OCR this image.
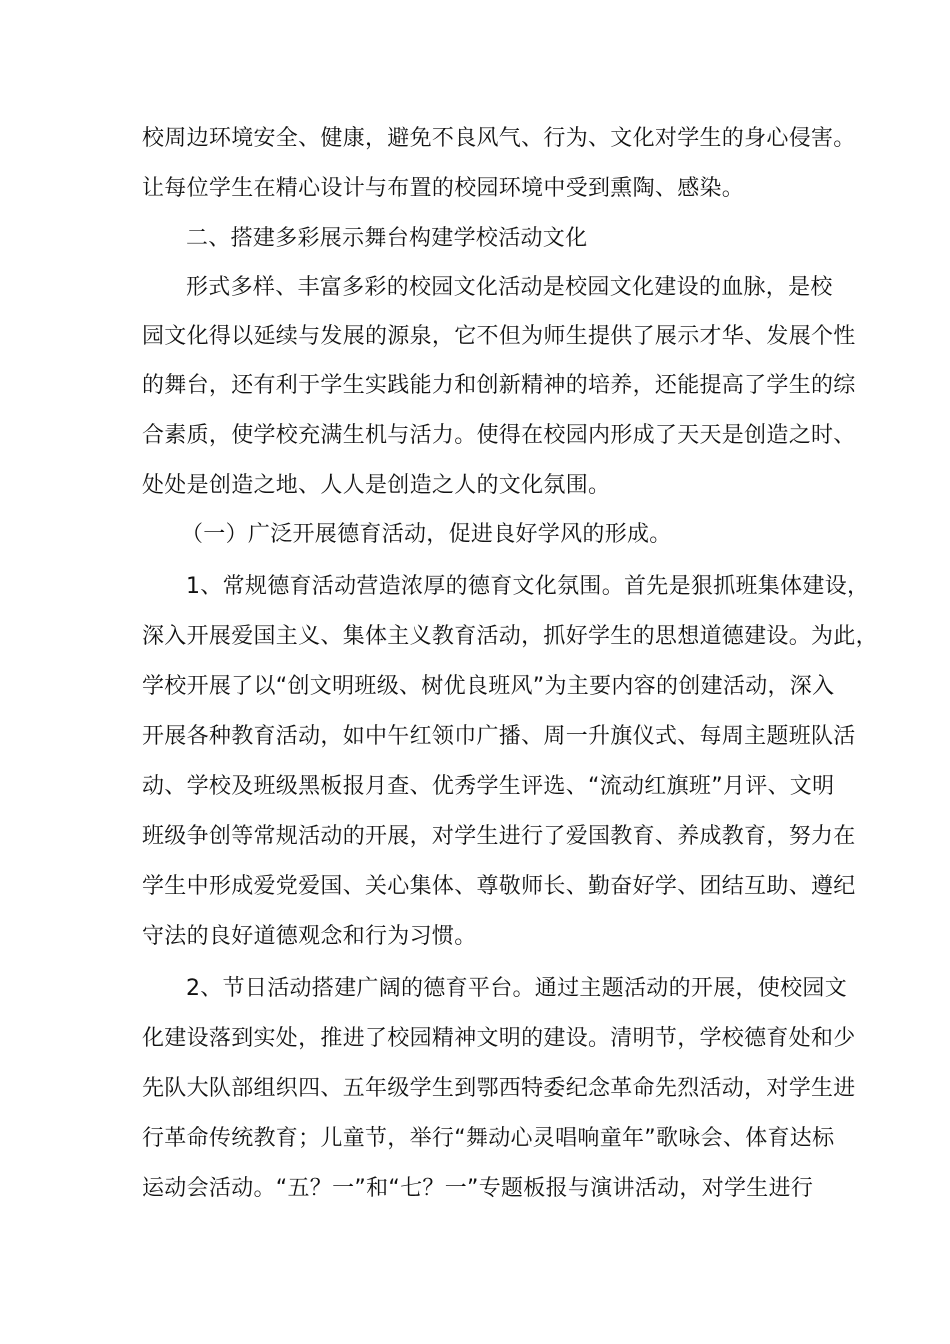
校周边环境安全、健康，避免不良风气、行为、文化对学生的身心侵害。
让每位学生在精心设计与布置的校园环境中受到熏陶、感染。
二、搭建多彩展示舞台构建学校活动文化
形式多样、丰富多彩的校园文化活动是校园文化建设的血脉，是校
园文化得以延续与发展的源泉，它不但为师生提供了展示才华、发展个性
的舞台，还有利于学生实践能力和创新精神的培养，还能提高了学生的综
合素质，使学校充满生机与活力。使得在校园内形成了天天是创造之时、
处处是创造之地、人人是创造之人的文化氛围。
（一）广泛开展德育活动，促进良好学风的形成。
1、常规德育活动营造浓厚的德育文化氛围。首先是狠抓班集体建设，
深入开展爱国主义、集体主义教育活动，抓好学生的思想道德建设。为此，
学校开展了以“创文明班级、树优良班风”为主要内容的创建活动，深入
开展各种教育活动，如中午红领巾广播、周一升旗仪式、每周主题班队活
动、学校及班级黑板报月查、优秀学生评选、“流动红旗班”月评、文明
班级争创等常规活动的开展，对学生进行了爱国教育、养成教育，努力在
学生中形成爱党爱国、关心集体、尊敬师长、勤奋好学、团结互助、遵纪
守法的良好道德观念和行为习惯。
2、节日活动搭建广阔的德育平台。通过主题活动的开展，使校园文
化建设落到实处，推进了校园精神文明的建设。清明节，学校德育处和少
先队大队部组织四、五年级学生到鄂西特委纪念革命先烈活动，对学生进
行革命传统教育；儿童节，举行“舞动心灵唱响童年”歌咏会、体育达标
运动会活动。“五？一”和“七？一”专题板报与演讲活动，对学生进行
